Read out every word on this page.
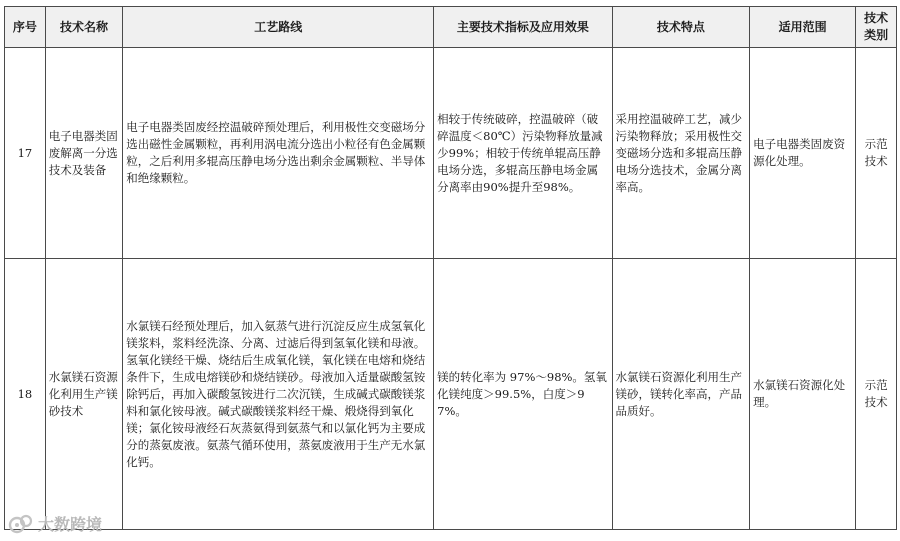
序号	技术名称	工艺路线	主要技术指标及应用效果	技术特点	适用范围	技术类别
17	电子电器类固废解离一分选技术及装备	电子电器类固废经控温破碎预处理后，利用极性交变磁场分选出磁性金属颗粒，再利用涡电流分选出小粒径有色金属颗粒，之后利用多辊高压静电场分选出剩余金属颗粒、半导体和绝缘颗粒。	相较于传统破碎，控温破碎（破碎温度＜80℃）污染物释放量减少99%；相较于传统单辊高压静电场分选，多辊高压静电场金属分离率由90%提升至98%。	采用控温破碎工艺，减少污染物释放；采用极性交变磁场分选和多辊高压静电场分选技术，金属分离率高。	电子电器类固废资源化处理。	示范技术
18	水氯镁石资源化利用生产镁砂技术	水氯镁石经预处理后，加入氨蒸气进行沉淀反应生成氢氧化镁浆料，浆料经洗涤、分离、过滤后得到氢氧化镁和母液。氢氧化镁经干燥、烧结后生成氧化镁，氧化镁在电熔和烧结条件下，生成电熔镁砂和烧结镁砂。母液加入适量碳酸氢铵除钙后，再加入碳酸氢铵进行二次沉镁，生成碱式碳酸镁浆料和氯化铵母液。碱式碳酸镁浆料经干燥、煅烧得到氧化镁；氯化铵母液经石灰蒸氨得到氨蒸气和以氯化钙为主要成分的蒸氨废液。氨蒸气循环使用，蒸氨废液用于生产无水氯化钙。	镁的转化率为 97%～98%。氢氧化镁纯度＞99.5%，白度＞97%。	水氯镁石资源化利用生产镁砂，镁转化率高，产品品质好。	水氯镁石资源化处理。	示范技术
大数跨境
